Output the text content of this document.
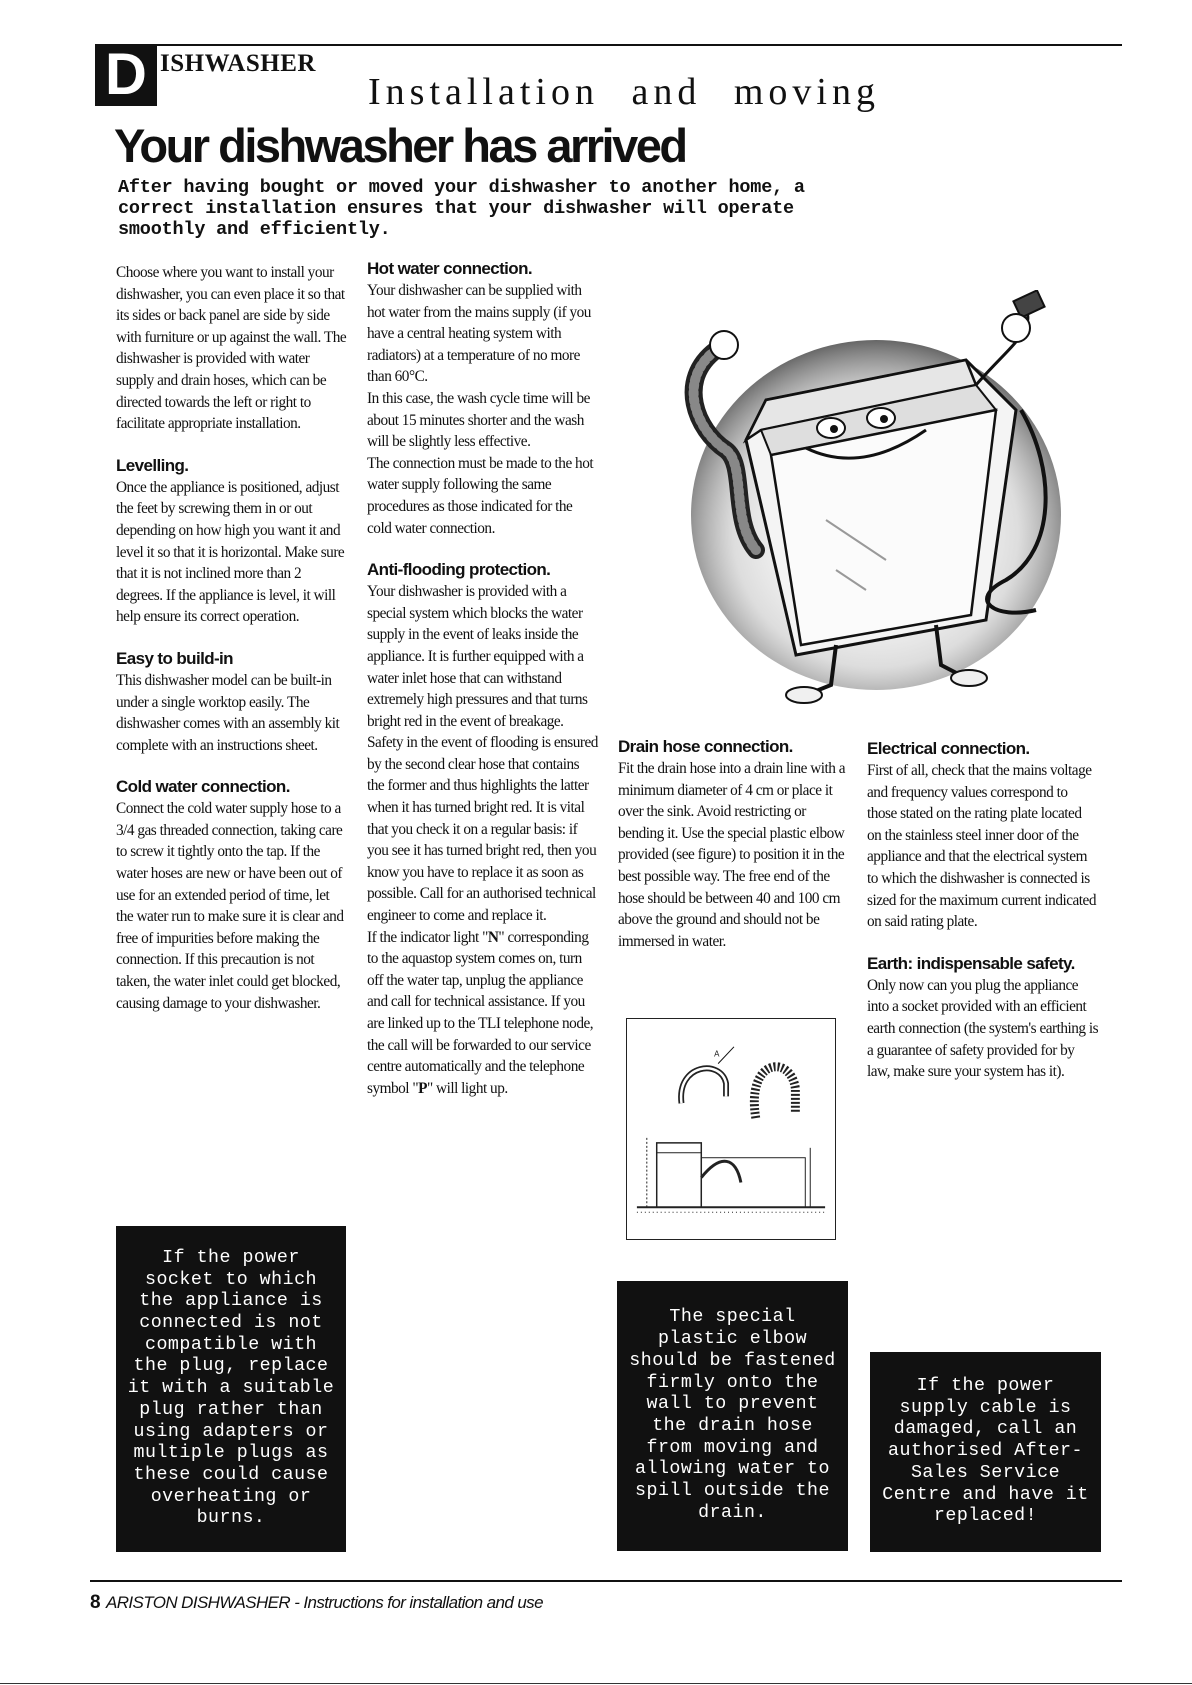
D ISHWASHER
Installation and moving
Your dishwasher has arrived
After having bought or moved your dishwasher to another home, a correct installation ensures that your dishwasher will operate smoothly and efficiently.

Choose where you want to install your dishwasher, you can even place it so that its sides or back panel are side by side with furniture or up against the wall. The dishwasher is provided with water supply and drain hoses, which can be directed towards the left or right to facilitate appropriate installation.

Levelling.

Once the appliance is positioned, adjust the feet by screwing them in or out depending on how high you want it and level it so that it is horizontal. Make sure that it is not inclined more than 2 degrees. If the appliance is level, it will help ensure its correct operation.

Easy to build-in

This dishwasher model can be built-in under a single worktop easily. The dishwasher comes with an assembly kit complete with an instructions sheet.

Cold water connection.

Connect the cold water supply hose to a 3/4 gas threaded connection, taking care to screw it tightly onto the tap. If the water hoses are new or have been out of use for an extended period of time, let the water run to make sure it is clear and free of impurities before making the connection. If this precaution is not taken, the water inlet could get blocked, causing damage to your dishwasher.

Hot water connection.

Your dishwasher can be supplied with hot water from the mains supply (if you have a central heating system with radiators) at a temperature of no more than 60°C.

In this case, the wash cycle time will be about 15 minutes shorter and the wash will be slightly less effective.

The connection must be made to the hot water supply following the same procedures as those indicated for the cold water connection.

Anti-flooding protection.

Your dishwasher is provided with a special system which blocks the water supply in the event of leaks inside the appliance. It is further equipped with a water inlet hose that can withstand extremely high pressures and that turns bright red in the event of breakage. Safety in the event of flooding is ensured by the second clear hose that contains the former and thus highlights the latter when it has turned bright red. It is vital that you check it on a regular basis: if you see it has turned bright red, then you know you have to replace it as soon as possible. Call for an authorised technical engineer to come and replace it.

If the indicator light "N" corresponding to the aquastop system comes on, turn off the water tap, unplug the appliance and call for technical assistance. If you are linked up to the TLI telephone node, the call will be forwarded to our service centre automatically and the telephone symbol "P" will light up.

Drain hose connection.

Fit the drain hose into a drain line with a minimum diameter of 4 cm or place it over the sink. Avoid restricting or bending it. Use the special plastic elbow provided (see figure) to position it in the best possible way. The free end of the hose should be between 40 and 100 cm above the ground and should not be immersed in water.

Electrical connection.

First of all, check that the mains voltage and frequency values correspond to those stated on the rating plate located on the stainless steel inner door of the appliance and that the electrical system to which the dishwasher is connected is sized for the maximum current indicated on said rating plate.

Earth: indispensable safety.

Only now can you plug the appliance into a socket provided with an efficient earth connection (the system's earthing is a guarantee of safety provided for by law, make sure your system has it).

A
If the power socket to which the appliance is connected is not compatible with the plug, replace it with a suitable plug rather than using adapters or multiple plugs as these could cause overheating or burns.
The special plastic elbow should be fastened firmly onto the wall to prevent the drain hose from moving and allowing water to spill outside the drain.
If the power supply cable is damaged, call an authorised After-Sales Service Centre and have it replaced!
8 ARISTON DISHWASHER - Instructions for installation and use
